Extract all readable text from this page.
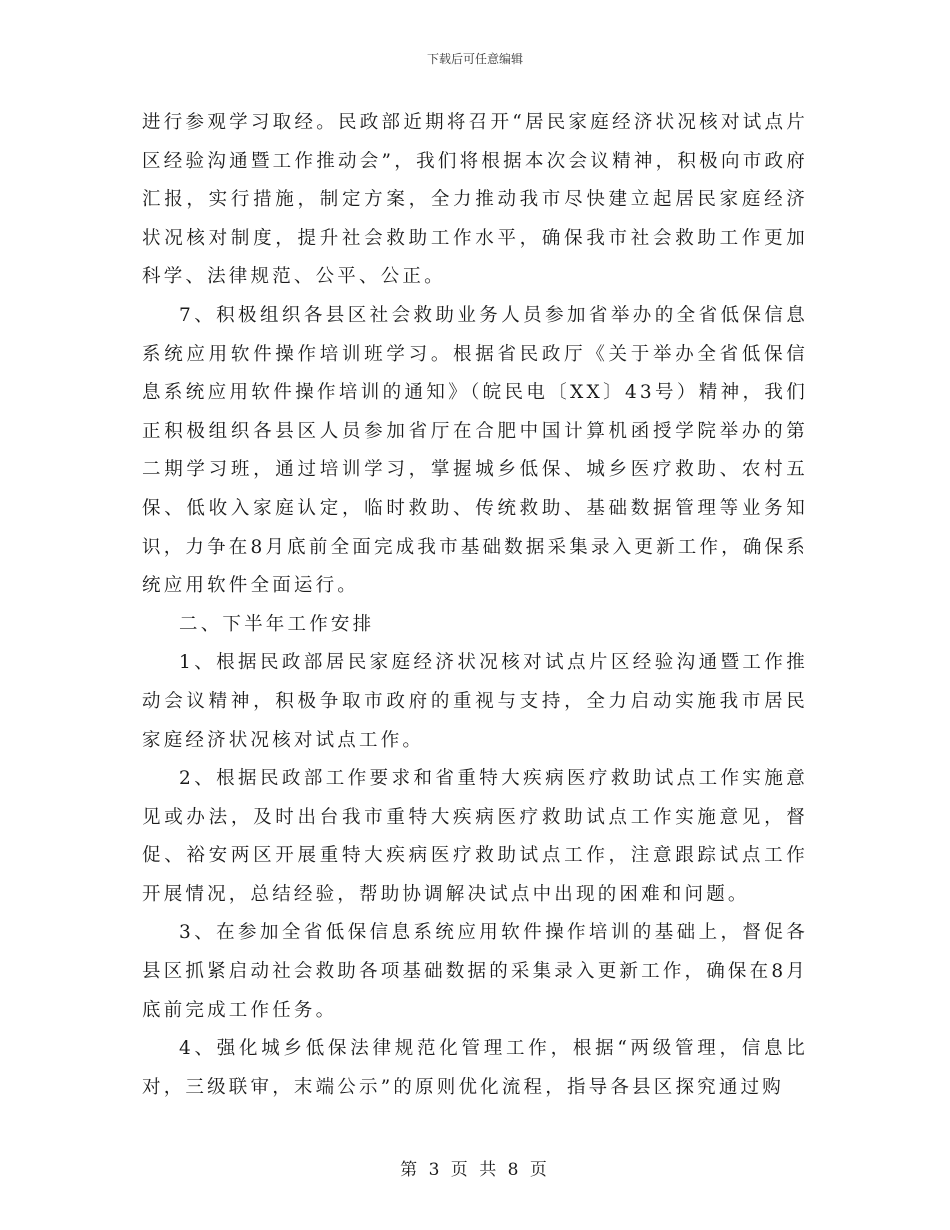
下载后可任意编辑

进行参观学习取经。民政部近期将召开“居民家庭经济状况核对试点片区经验沟通暨工作推动会”，我们将根据本次会议精神，积极向市政府汇报，实行措施，制定方案，全力推动我市尽快建立起居民家庭经济状况核对制度，提升社会救助工作水平，确保我市社会救助工作更加科学、法律规范、公平、公正。

7、积极组织各县区社会救助业务人员参加省举办的全省低保信息系统应用软件操作培训班学习。根据省民政厅《关于举办全省低保信息系统应用软件操作培训的通知》（皖民电〔XX〕43号）精神，我们正积极组织各县区人员参加省厅在合肥中国计算机函授学院举办的第二期学习班，通过培训学习，掌握城乡低保、城乡医疗救助、农村五保、低收入家庭认定，临时救助、传统救助、基础数据管理等业务知识，力争在8月底前全面完成我市基础数据采集录入更新工作，确保系统应用软件全面运行。

二、下半年工作安排

1、根据民政部居民家庭经济状况核对试点片区经验沟通暨工作推动会议精神，积极争取市政府的重视与支持，全力启动实施我市居民家庭经济状况核对试点工作。

2、根据民政部工作要求和省重特大疾病医疗救助试点工作实施意见或办法，及时出台我市重特大疾病医疗救助试点工作实施意见，督促、裕安两区开展重特大疾病医疗救助试点工作，注意跟踪试点工作开展情况，总结经验，帮助协调解决试点中出现的困难和问题。

3、在参加全省低保信息系统应用软件操作培训的基础上，督促各县区抓紧启动社会救助各项基础数据的采集录入更新工作，确保在8月底前完成工作任务。

4、强化城乡低保法律规范化管理工作，根据“两级管理，信息比对，三级联审，末端公示”的原则优化流程，指导各县区探究通过购

第 3 页 共 8 页
